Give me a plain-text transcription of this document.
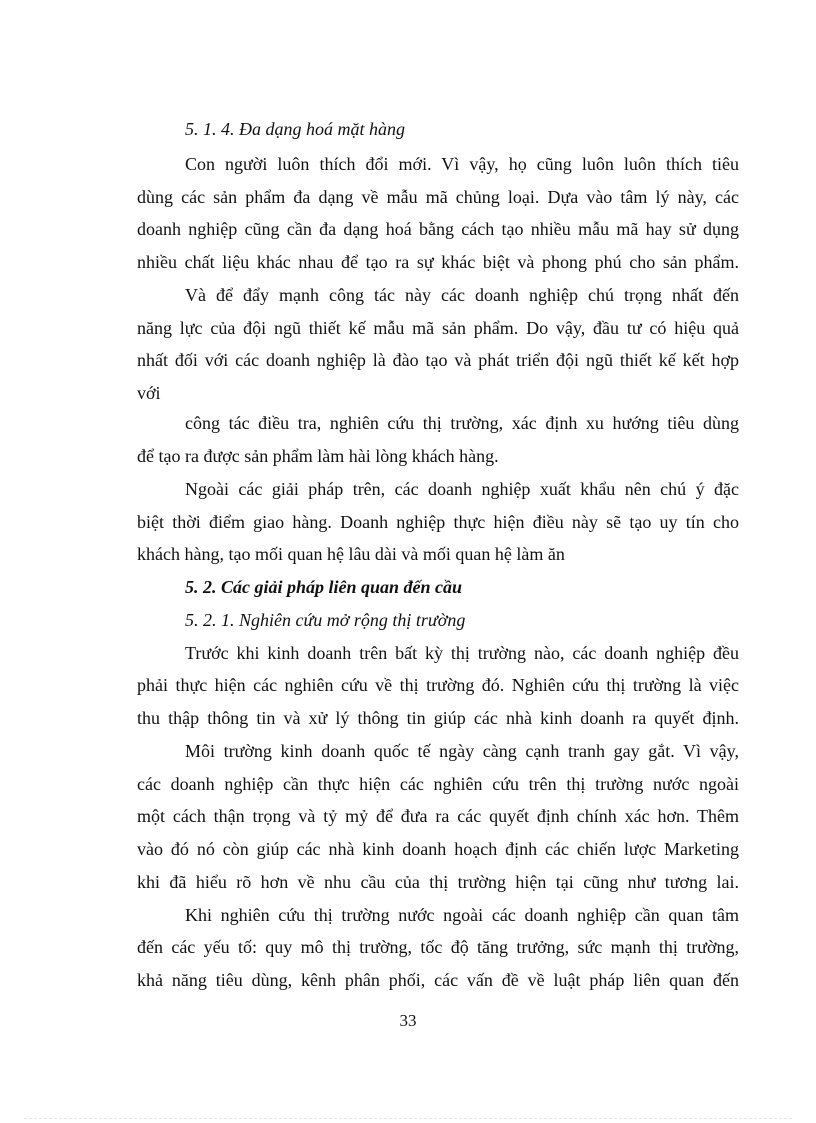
5. 1. 4. Đa dạng hoá mặt hàng
Con người luôn thích đổi mới. Vì vậy, họ cũng luôn luôn thích tiêu
dùng các sản phẩm đa dạng về mẫu mã chủng loại. Dựa vào tâm lý này, các
doanh nghiệp cũng cần đa dạng hoá bằng cách tạo nhiều mẫu mã hay sử dụng
nhiều chất liệu khác nhau để tạo ra sự khác biệt và phong phú cho sản phẩm.
Và để đẩy mạnh công tác này các doanh nghiệp chú trọng nhất đến
năng lực của đội ngũ thiết kế mẫu mã sản phẩm. Do vậy, đầu tư có hiệu quả
nhất đối với các doanh nghiệp là đào tạo và phát triển đội ngũ thiết kế kết hợp
với
công tác điều tra, nghiên cứu thị trường, xác định xu hướng tiêu dùng
để tạo ra được sản phẩm làm hài lòng khách hàng.
Ngoài các giải pháp trên, các doanh nghiệp xuất khẩu nên chú ý đặc
biệt thời điểm giao hàng. Doanh nghiệp thực hiện điều này sẽ tạo uy tín cho
khách hàng, tạo mối quan hệ lâu dài và mối quan hệ làm ăn
5. 2. Các giải pháp liên quan đến cầu
5. 2. 1. Nghiên cứu mở rộng thị trường
Trước khi kinh doanh trên bất kỳ thị trường nào, các doanh nghiệp đều
phải thực hiện các nghiên cứu về thị trường đó. Nghiên cứu thị trường là việc
thu thập thông tin và xử lý thông tin giúp các nhà kinh doanh ra quyết định.
Môi trường kinh doanh quốc tế ngày càng cạnh tranh gay gắt. Vì vậy,
các doanh nghiệp cần thực hiện các nghiên cứu trên thị trường nước ngoài
một cách thận trọng và tỷ mỷ để đưa ra các quyết định chính xác hơn. Thêm
vào đó nó còn giúp các nhà kinh doanh hoạch định các chiến lược Marketing
khi đã hiểu rõ hơn về nhu cầu của thị trường hiện tại cũng như tương lai.
Khi nghiên cứu thị trường nước ngoài các doanh nghiệp cần quan tâm
đến các yếu tố: quy mô thị trường, tốc độ tăng trưởng, sức mạnh thị trường,
khả năng tiêu dùng, kênh phân phối, các vấn đề về luật pháp liên quan đến
33
